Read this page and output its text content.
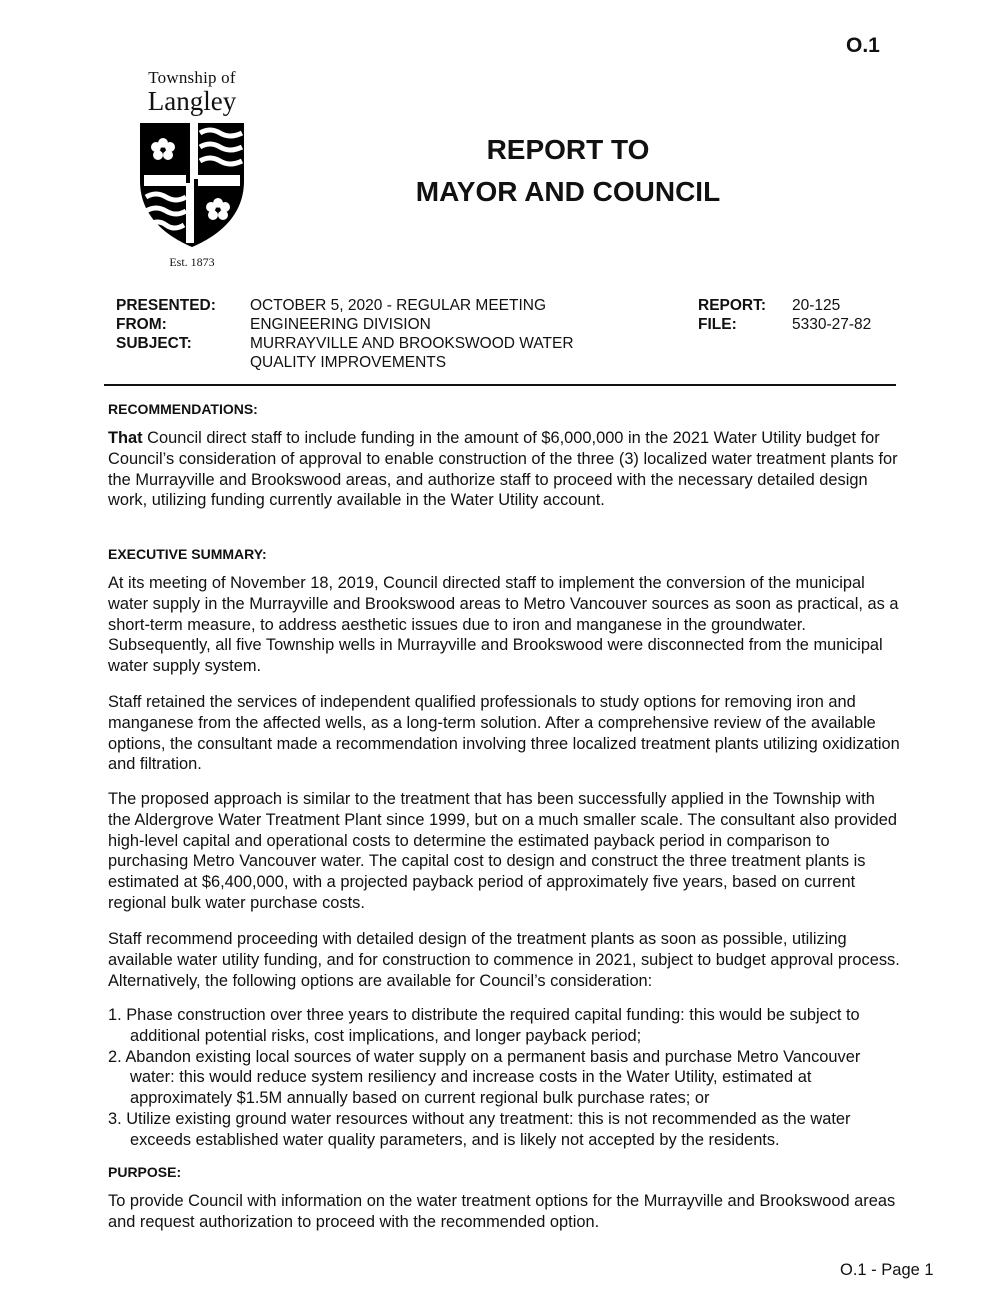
O.1
Township of
Langley
Est. 1873
REPORT TO
MAYOR AND COUNCIL
PRESENTED:	OCTOBER 5, 2020 - REGULAR MEETING
FROM:	ENGINEERING DIVISION
SUBJECT:	MURRAYVILLE AND BROOKSWOOD WATER
QUALITY IMPROVEMENTS
REPORT:	20-125
FILE:	5330-27-82
RECOMMENDATIONS:
That Council direct staff to include funding in the amount of $6,000,000 in the 2021 Water Utility budget for Council’s consideration of approval to enable construction of the three (3) localized water treatment plants for the Murrayville and Brookswood areas, and authorize staff to proceed with the necessary detailed design work, utilizing funding currently available in the Water Utility account.
EXECUTIVE SUMMARY:
At its meeting of November 18, 2019, Council directed staff to implement the conversion of the municipal water supply in the Murrayville and Brookswood areas to Metro Vancouver sources as soon as practical, as a short-term measure, to address aesthetic issues due to iron and manganese in the groundwater. Subsequently, all five Township wells in Murrayville and Brookswood were disconnected from the municipal water supply system.
Staff retained the services of independent qualified professionals to study options for removing iron and manganese from the affected wells, as a long-term solution. After a comprehensive review of the available options, the consultant made a recommendation involving three localized treatment plants utilizing oxidization and filtration.
The proposed approach is similar to the treatment that has been successfully applied in the Township with the Aldergrove Water Treatment Plant since 1999, but on a much smaller scale. The consultant also provided high-level capital and operational costs to determine the estimated payback period in comparison to purchasing Metro Vancouver water. The capital cost to design and construct the three treatment plants is estimated at $6,400,000, with a projected payback period of approximately five years, based on current regional bulk water purchase costs.
Staff recommend proceeding with detailed design of the treatment plants as soon as possible, utilizing available water utility funding, and for construction to commence in 2021, subject to budget approval process. Alternatively, the following options are available for Council’s consideration:
1. Phase construction over three years to distribute the required capital funding: this would be subject to additional potential risks, cost implications, and longer payback period;
2. Abandon existing local sources of water supply on a permanent basis and purchase Metro Vancouver water: this would reduce system resiliency and increase costs in the Water Utility, estimated at approximately $1.5M annually based on current regional bulk purchase rates; or
3. Utilize existing ground water resources without any treatment: this is not recommended as the water exceeds established water quality parameters, and is likely not accepted by the residents.
PURPOSE:
To provide Council with information on the water treatment options for the Murrayville and Brookswood areas and request authorization to proceed with the recommended option.
O.1 - Page 1
